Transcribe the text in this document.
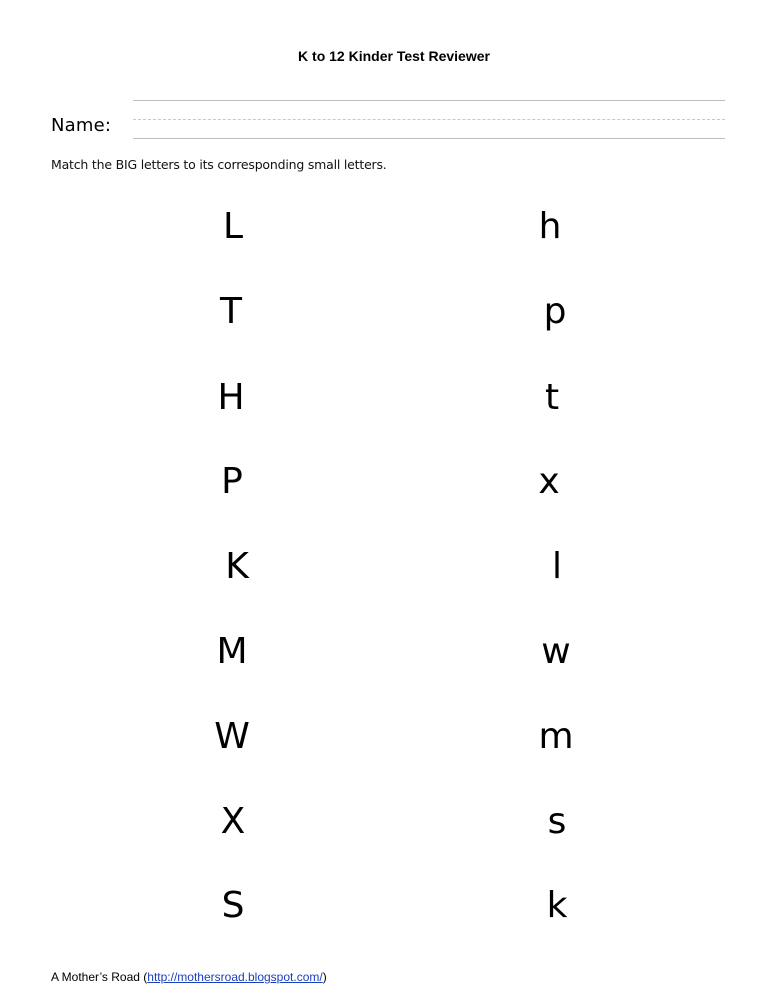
K to 12 Kinder Test Reviewer
Name:
Match the BIG letters to its corresponding small letters.
L
T
H
P
K
M
W
X
S
h
p
t
x
l
w
m
s
k
A Mother’s Road (http://mothersroad.blogspot.com/)
